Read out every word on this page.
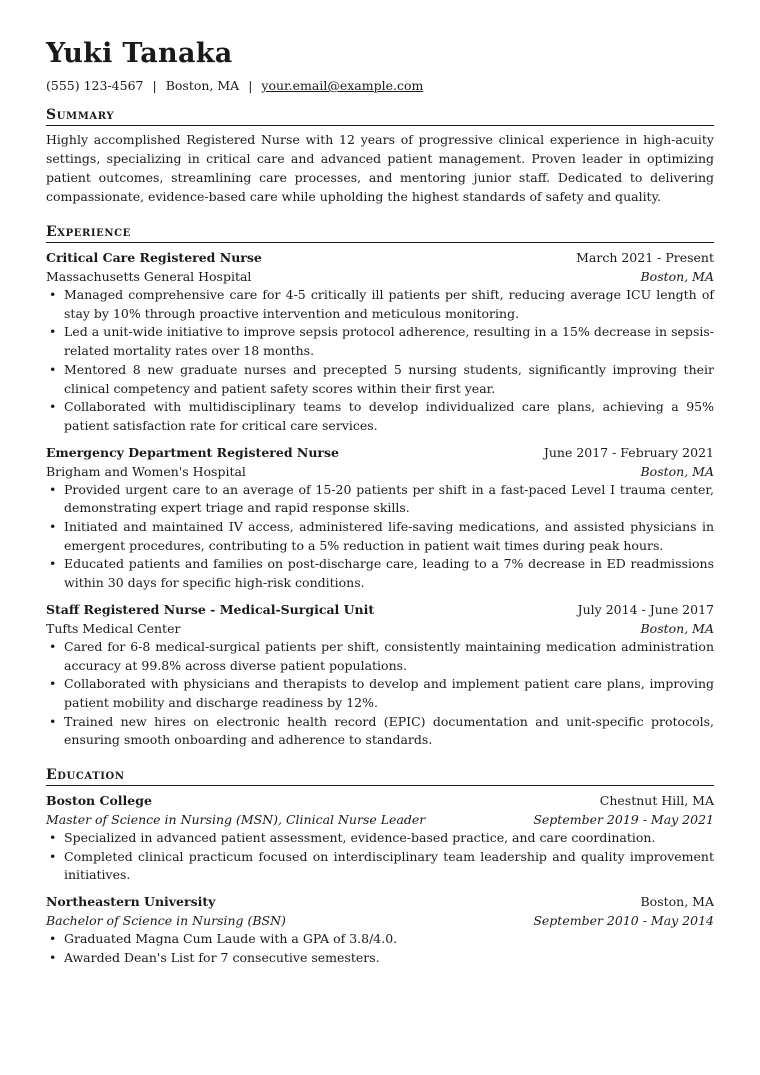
Yuki Tanaka
(555) 123-4567 | Boston, MA | your.email@example.com
Summary
Highly accomplished Registered Nurse with 12 years of progressive clinical experience in high-acuity settings, specializing in critical care and advanced patient management. Proven leader in optimizing patient outcomes, streamlining care processes, and mentoring junior staff. Dedicated to delivering compassionate, evidence-based care while upholding the highest standards of safety and quality.
Experience
Critical Care Registered Nurse	March 2021 - Present
Massachusetts General Hospital	Boston, MA
• Managed comprehensive care for 4-5 critically ill patients per shift, reducing average ICU length of stay by 10% through proactive intervention and meticulous monitoring.
• Led a unit-wide initiative to improve sepsis protocol adherence, resulting in a 15% decrease in sepsis-related mortality rates over 18 months.
• Mentored 8 new graduate nurses and precepted 5 nursing students, significantly improving their clinical competency and patient safety scores within their first year.
• Collaborated with multidisciplinary teams to develop individualized care plans, achieving a 95% patient satisfaction rate for critical care services.
Emergency Department Registered Nurse	June 2017 - February 2021
Brigham and Women's Hospital	Boston, MA
• Provided urgent care to an average of 15-20 patients per shift in a fast-paced Level I trauma center, demonstrating expert triage and rapid response skills.
• Initiated and maintained IV access, administered life-saving medications, and assisted physicians in emergent procedures, contributing to a 5% reduction in patient wait times during peak hours.
• Educated patients and families on post-discharge care, leading to a 7% decrease in ED readmissions within 30 days for specific high-risk conditions.
Staff Registered Nurse - Medical-Surgical Unit	July 2014 - June 2017
Tufts Medical Center	Boston, MA
• Cared for 6-8 medical-surgical patients per shift, consistently maintaining medication administration accuracy at 99.8% across diverse patient populations.
• Collaborated with physicians and therapists to develop and implement patient care plans, improving patient mobility and discharge readiness by 12%.
• Trained new hires on electronic health record (EPIC) documentation and unit-specific protocols, ensuring smooth onboarding and adherence to standards.
Education
Boston College	Chestnut Hill, MA
Master of Science in Nursing (MSN), Clinical Nurse Leader	September 2019 - May 2021
• Specialized in advanced patient assessment, evidence-based practice, and care coordination.
• Completed clinical practicum focused on interdisciplinary team leadership and quality improvement initiatives.
Northeastern University	Boston, MA
Bachelor of Science in Nursing (BSN)	September 2010 - May 2014
• Graduated Magna Cum Laude with a GPA of 3.8/4.0.
• Awarded Dean's List for 7 consecutive semesters.
